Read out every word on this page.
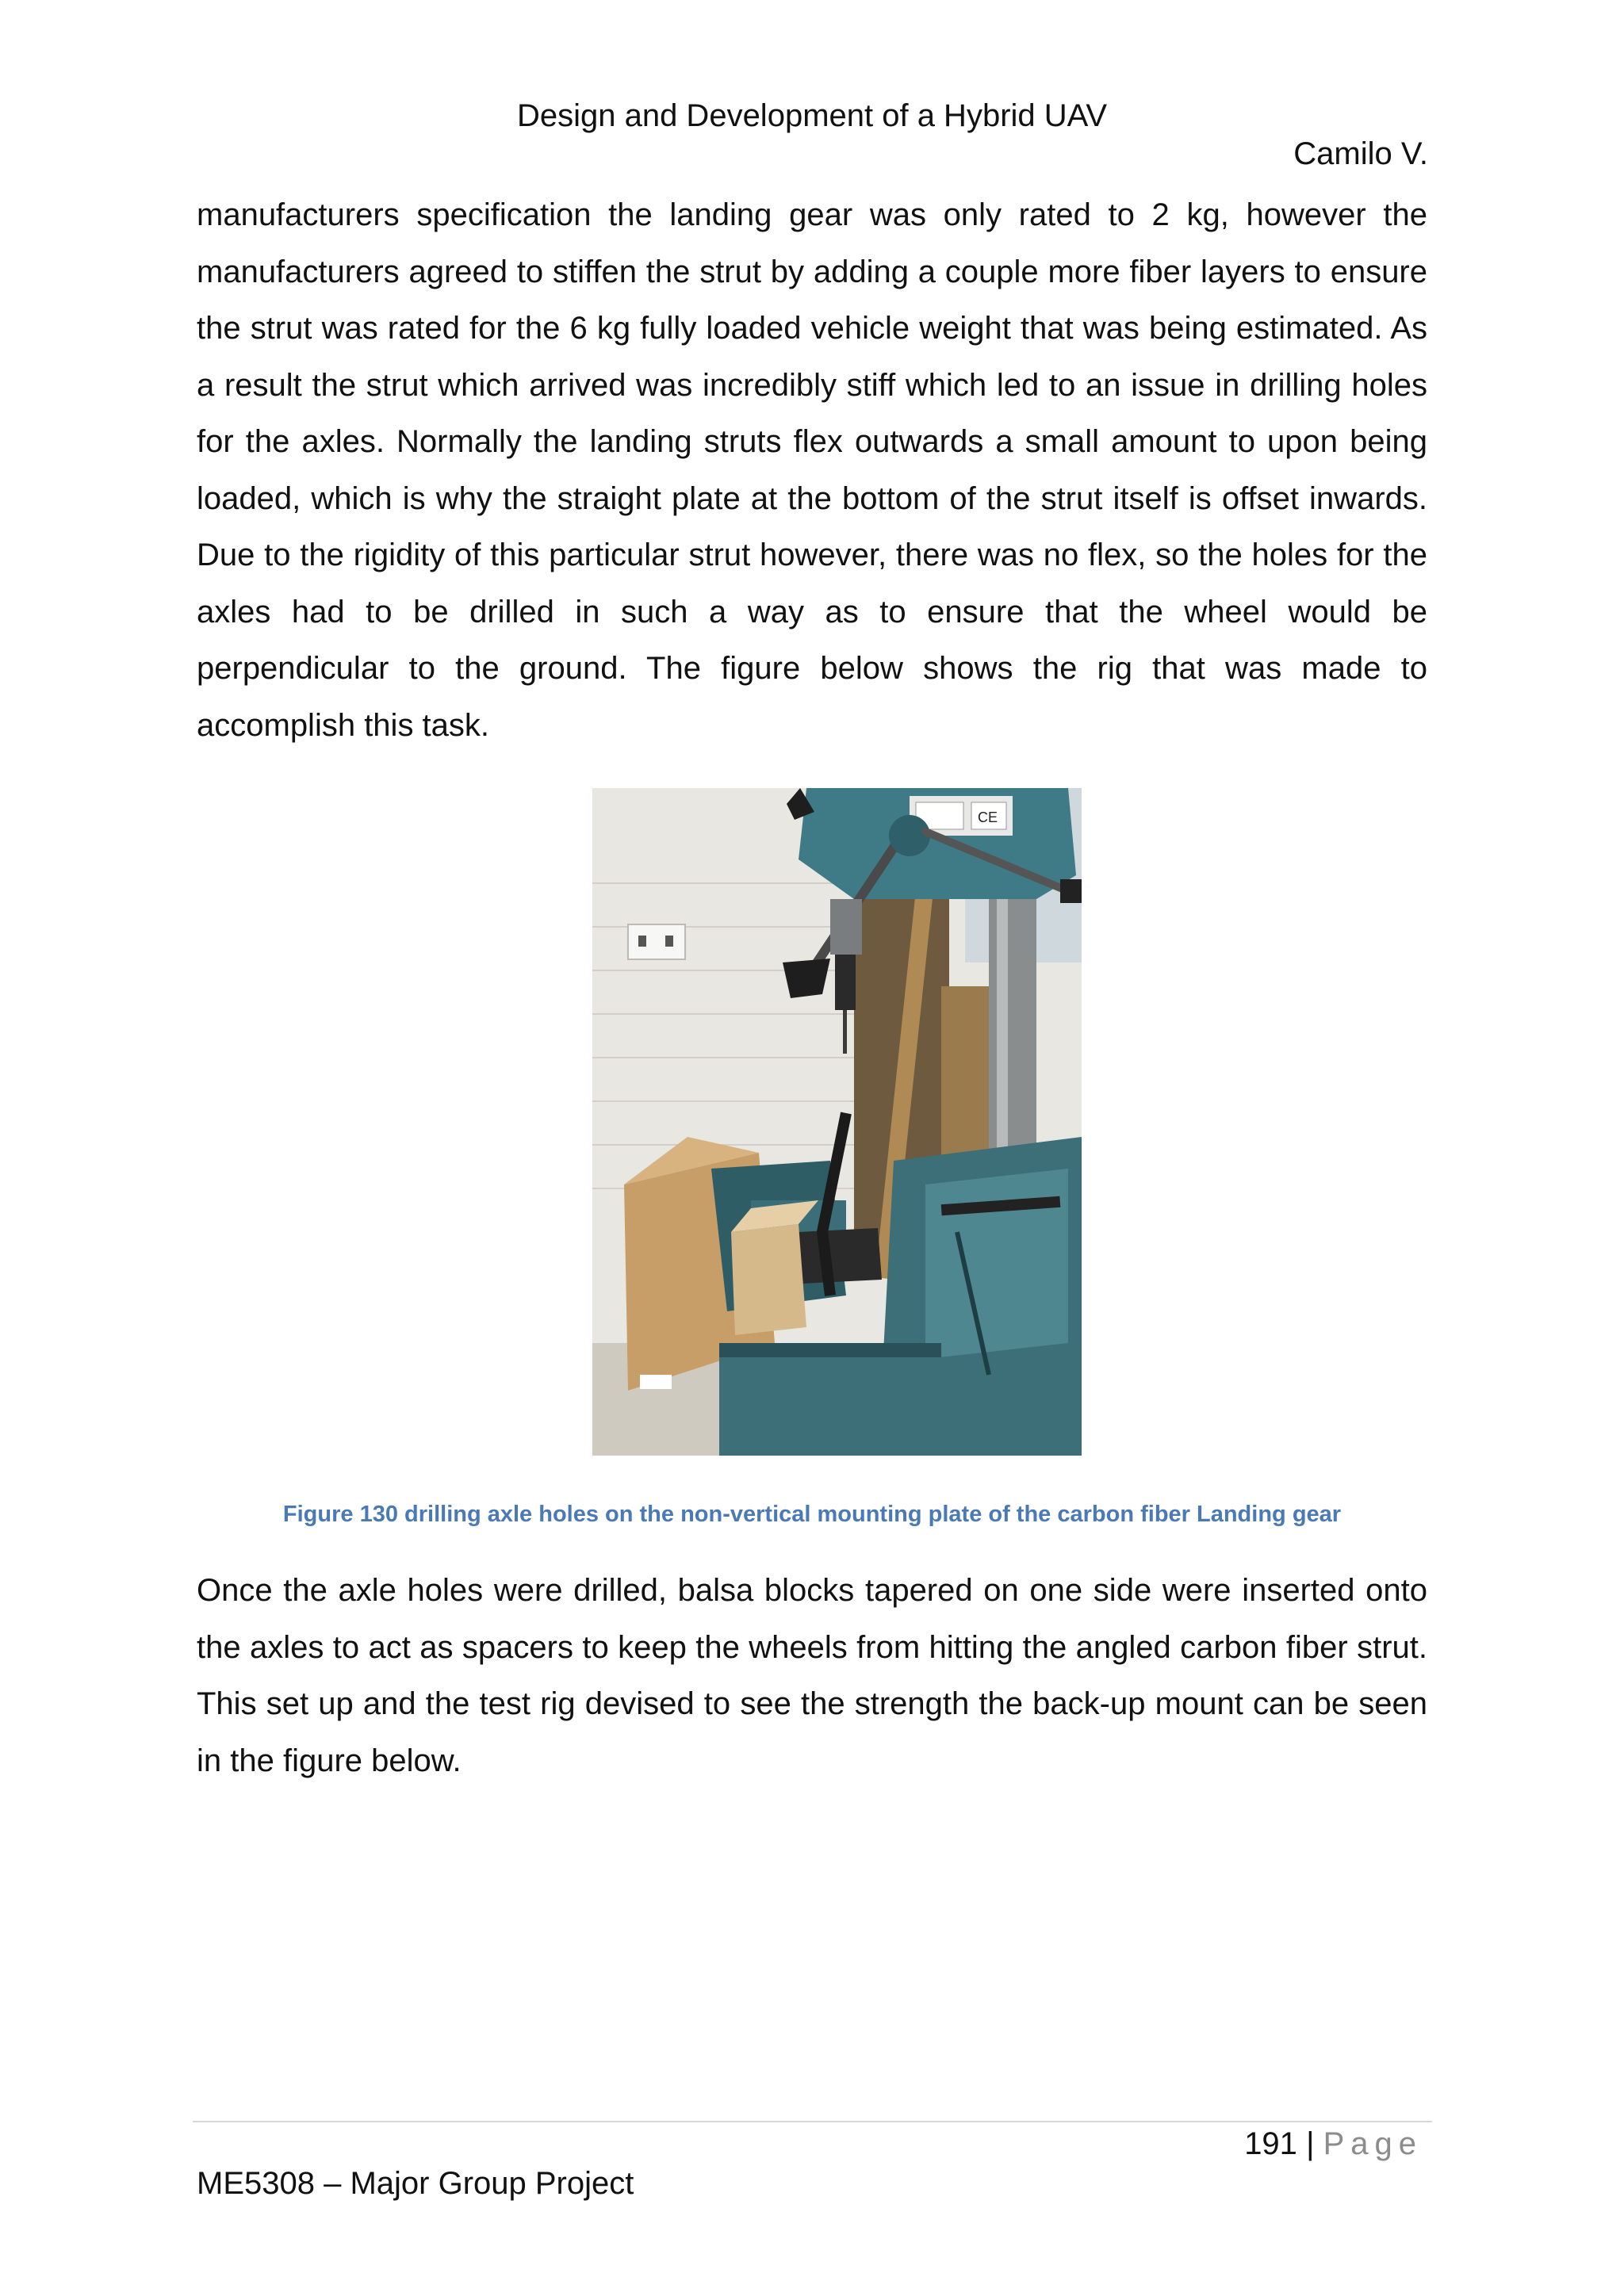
Design and Development of a Hybrid UAV
Camilo V.

manufacturers specification the landing gear was only rated to 2 kg, however the manufacturers agreed to stiffen the strut by adding a couple more fiber layers to ensure the strut was rated for the 6 kg fully loaded vehicle weight that was being estimated. As a result the strut which arrived was incredibly stiff which led to an issue in drilling holes for the axles. Normally the landing struts flex outwards a small amount to upon being loaded, which is why the straight plate at the bottom of the strut itself is offset inwards. Due to the rigidity of this particular strut however, there was no flex, so the holes for the axles had to be drilled in such a way as to ensure that the wheel would be perpendicular to the ground. The figure below shows the rig that was made to accomplish this task.

CE
Figure 130 drilling axle holes on the non-vertical mounting plate of the carbon fiber Landing gear

Once the axle holes were drilled, balsa blocks tapered on one side were inserted onto the axles to act as spacers to keep the wheels from hitting the angled carbon fiber strut. This set up and the test rig devised to see the strength the back-up mount can be seen in the figure below.

191 | Page
ME5308 – Major Group Project
